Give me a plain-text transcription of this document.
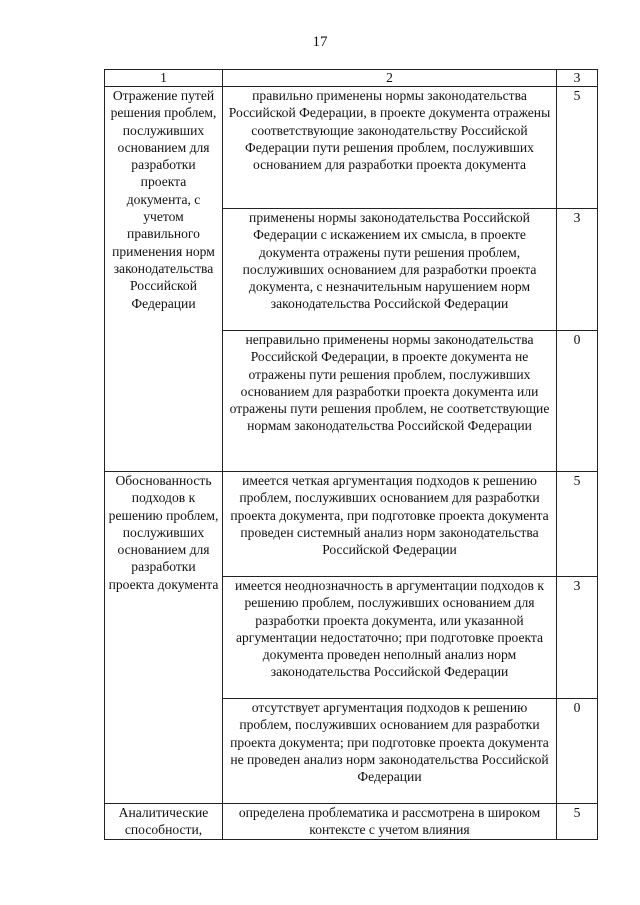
17
1	2	3
Отражение путей решения проблем, послуживших основанием для разработки проекта документа, с учетом правильного применения норм законодательства Российской Федерации	правильно применены нормы законодательства Российской Федерации, в проекте документа отражены соответствующие законодательству Российской Федерации пути решения проблем, послуживших основанием для разработки проекта документа	5
	применены нормы законодательства Российской Федерации с искажением их смысла, в проекте документа отражены пути решения проблем, послуживших основанием для разработки проекта документа, с незначительным нарушением норм законодательства Российской Федерации	3
	неправильно применены нормы законодательства Российской Федерации, в проекте документа не отражены пути решения проблем, послуживших основанием для разработки проекта документа или отражены пути решения проблем, не соответствующие нормам законодательства Российской Федерации	0
Обоснованность подходов к решению проблем, послуживших основанием для разработки проекта документа	имеется четкая аргументация подходов к решению проблем, послуживших основанием для разработки проекта документа, при подготовке проекта документа проведен системный анализ норм законодательства Российской Федерации	5
	имеется неоднозначность в аргументации подходов к решению проблем, послуживших основанием для разработки проекта документа, или указанной аргументации недостаточно; при подготовке проекта документа проведен неполный анализ норм законодательства Российской Федерации	3
	отсутствует аргументация подходов к решению проблем, послуживших основанием для разработки проекта документа; при подготовке проекта документа не проведен анализ норм законодательства Российской Федерации	0
Аналитические способности,	определена проблематика и рассмотрена в широком контексте с учетом влияния	5
